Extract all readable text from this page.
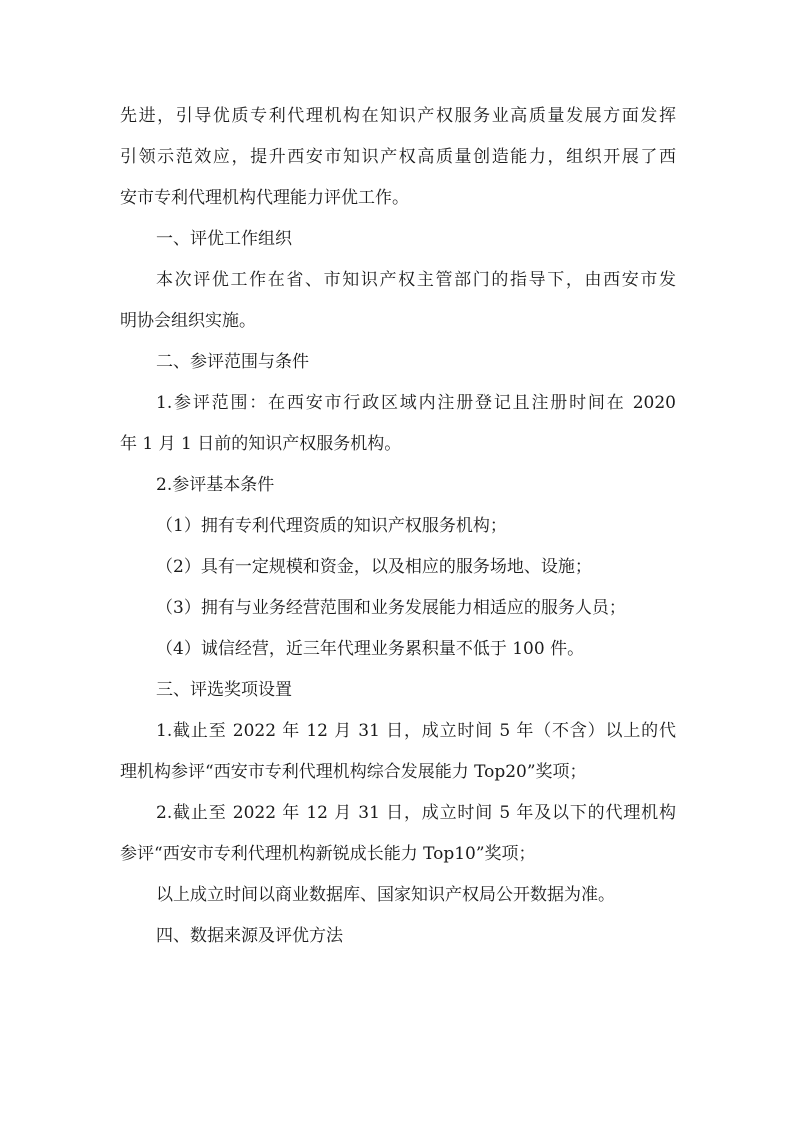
先进，引导优质专利代理机构在知识产权服务业高质量发展方面发挥
引领示范效应，提升西安市知识产权高质量创造能力，组织开展了西
安市专利代理机构代理能力评优工作。
一、评优工作组织
本次评优工作在省、市知识产权主管部门的指导下，由西安市发
明协会组织实施。
二、参评范围与条件
1.参评范围：在西安市行政区域内注册登记且注册时间在 2020
年 1 月 1 日前的知识产权服务机构。
2.参评基本条件
（1）拥有专利代理资质的知识产权服务机构；
（2）具有一定规模和资金，以及相应的服务场地、设施；
（3）拥有与业务经营范围和业务发展能力相适应的服务人员；
（4）诚信经营，近三年代理业务累积量不低于 100 件。
三、评选奖项设置
1.截止至 2022 年 12 月 31 日，成立时间 5 年（不含）以上的代
理机构参评“西安市专利代理机构综合发展能力 Top20”奖项；
2.截止至 2022 年 12 月 31 日，成立时间 5 年及以下的代理机构
参评“西安市专利代理机构新锐成长能力 Top10”奖项；
以上成立时间以商业数据库、国家知识产权局公开数据为准。
四、数据来源及评优方法
